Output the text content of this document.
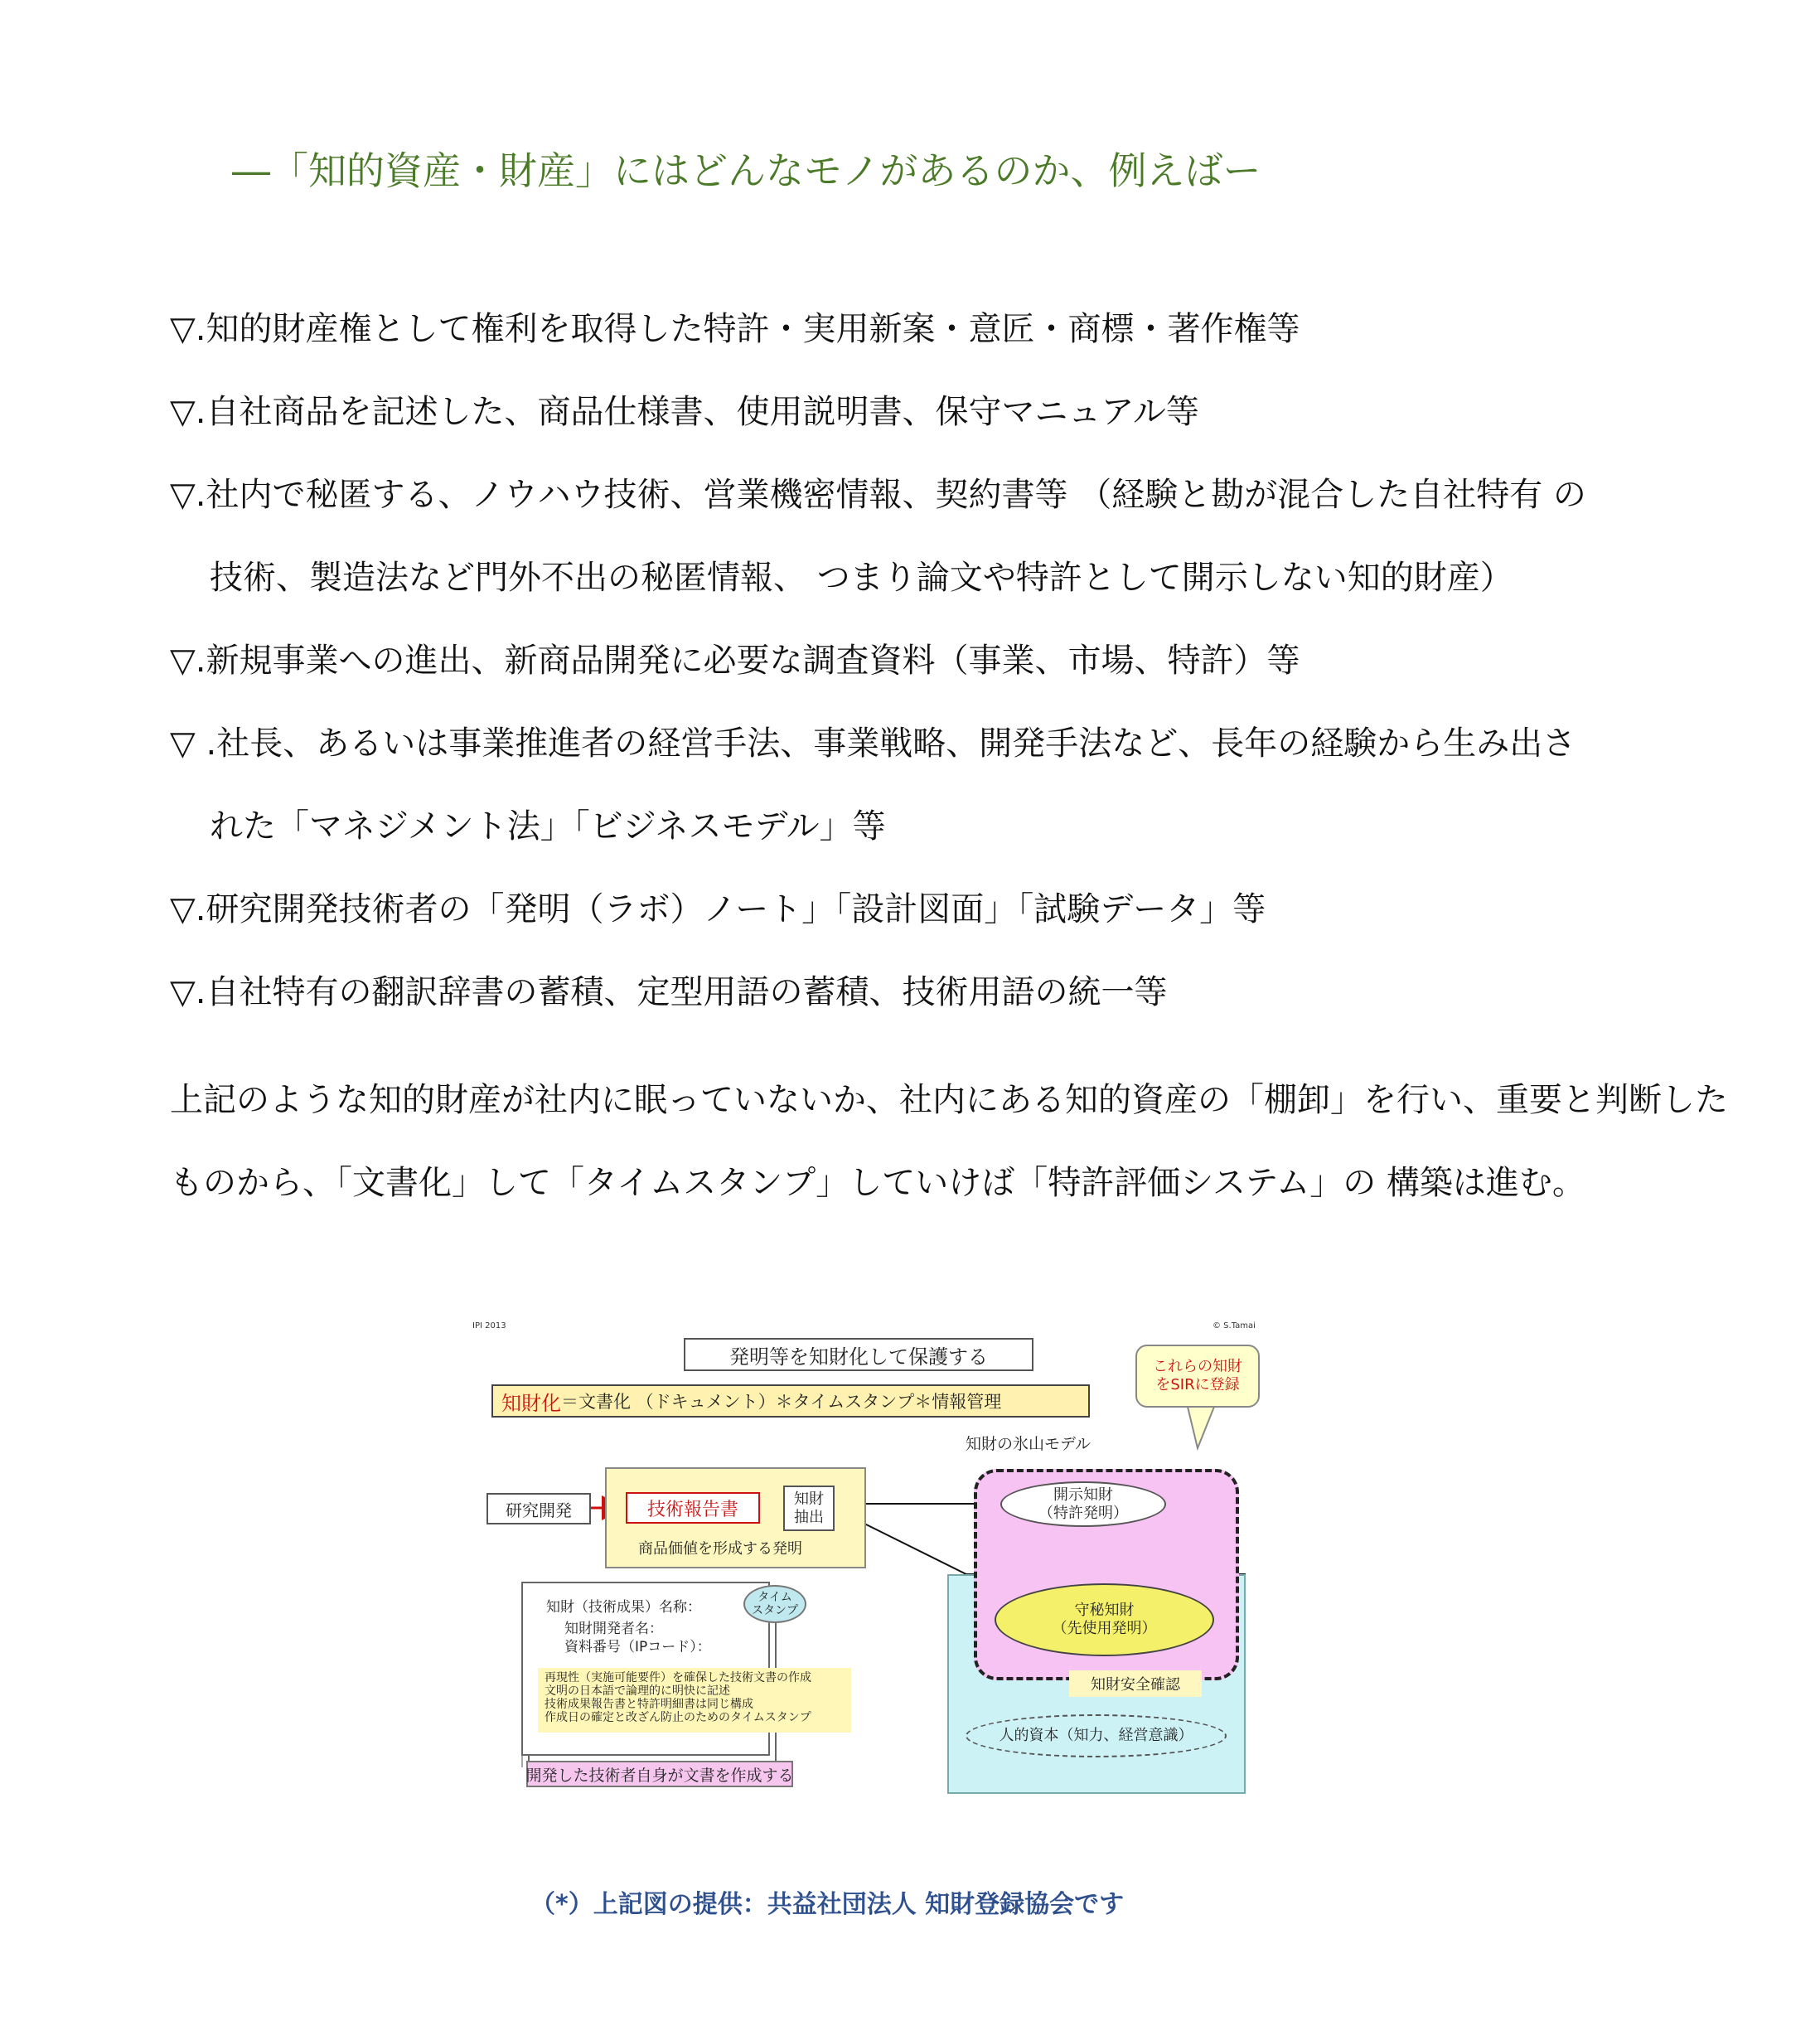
―「知的資産・財産」にはどんなモノがあるのか、例えばー

▽.知的財産権として権利を取得した特許・実用新案・意匠・商標・著作権等

▽.自社商品を記述した、商品仕様書、使用説明書、保守マニュアル等

▽.社内で秘匿する、ノウハウ技術、営業機密情報、契約書等 （経験と勘が混合した自社特有 の

技術、製造法など門外不出の秘匿情報、 つまり論文や特許として開示しない知的財産）

▽.新規事業への進出、新商品開発に必要な調査資料（事業、市場、特許）等

▽ .社長、あるいは事業推進者の経営手法、事業戦略、開発手法など、長年の経験から生み出さ

れた「マネジメント法」「ビジネスモデル」等

▽.研究開発技術者の「発明（ラボ）ノート」「設計図面」「試験データ」等

▽.自社特有の翻訳辞書の蓄積、定型用語の蓄積、技術用語の統一等

上記のような知的財産が社内に眠っていないか、社内にある知的資産の「棚卸」を行い、重要と判断した

ものから、「文書化」して「タイムスタンプ」していけば「特許評価システム」の 構築は進む。

IPI 2013	© S.Tamai
発明等を知財化して保護する
知財化 ＝文書化 （ドキュメント）＊タイムスタンプ＊情報管理
これらの知財
をSIRに登録
知財の氷山モデル
研究開発	技術報告書
知財
抽出
商品価値を形成する発明
開示知財
（特許発明）
守秘知財
（先使用発明）
知財安全確認
人的資本（知力、経営意識）
知財（技術成果）名称：
知財開発者名：
資料番号（IPコード）：
タイム
スタンプ
再現性（実施可能要件）を確保した技術文書の作成
文明の日本語で論理的に明快に記述
技術成果報告書と特許明細書は同じ構成
作成日の確定と改ざん防止のためのタイムスタンプ
開発した技術者自身が文書を作成する
（*）上記図の提供：共益社団法人 知財登録協会です
